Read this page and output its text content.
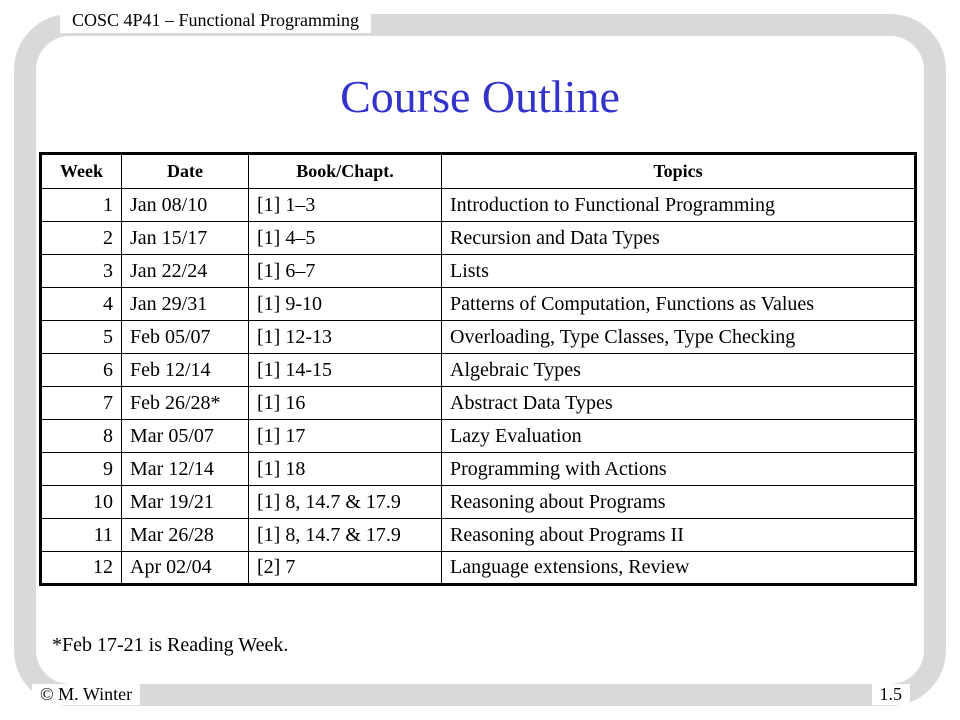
COSC 4P41 – Functional Programming
Course Outline
Week	Date	Book/Chapt.	Topics
1	Jan 08/10	[1] 1–3	Introduction to Functional Programming
2	Jan 15/17	[1] 4–5	Recursion and Data Types
3	Jan 22/24	[1] 6–7	Lists
4	Jan 29/31	[1] 9-10	Patterns of Computation, Functions as Values
5	Feb 05/07	[1] 12-13	Overloading, Type Classes, Type Checking
6	Feb 12/14	[1] 14-15	Algebraic Types
7	Feb 26/28*	[1] 16	Abstract Data Types
8	Mar 05/07	[1] 17	Lazy Evaluation
9	Mar 12/14	[1] 18	Programming with Actions
10	Mar 19/21	[1] 8, 14.7 & 17.9	Reasoning about Programs
11	Mar 26/28	[1] 8, 14.7 & 17.9	Reasoning about Programs II
12	Apr 02/04	[2] 7	Language extensions, Review
*Feb 17-21 is Reading Week.
© M. Winter	1.5
